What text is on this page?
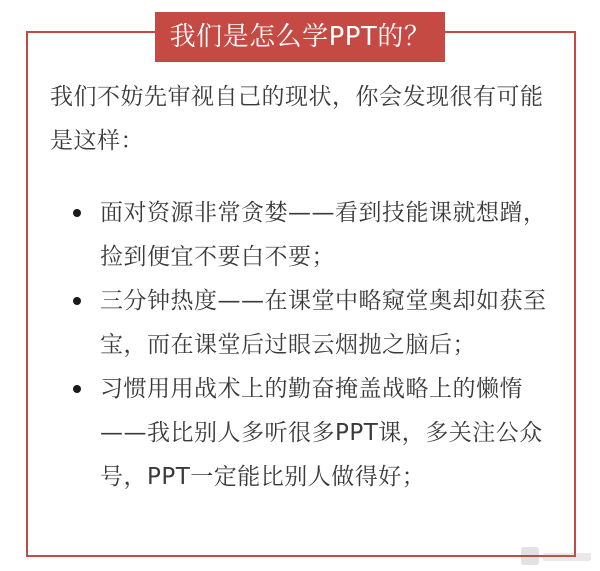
我们是怎么学PPT的？
我们不妨先审视自己的现状，你会发现很有可能
是这样：
面对资源非常贪婪——看到技能课就想蹭，
捡到便宜不要白不要；
三分钟热度——在课堂中略窥堂奥却如获至
宝，而在课堂后过眼云烟抛之脑后；
习惯用用战术上的勤奋掩盖战略上的懒惰
——我比别人多听很多PPT课，多关注公众
号，PPT一定能比别人做得好；
